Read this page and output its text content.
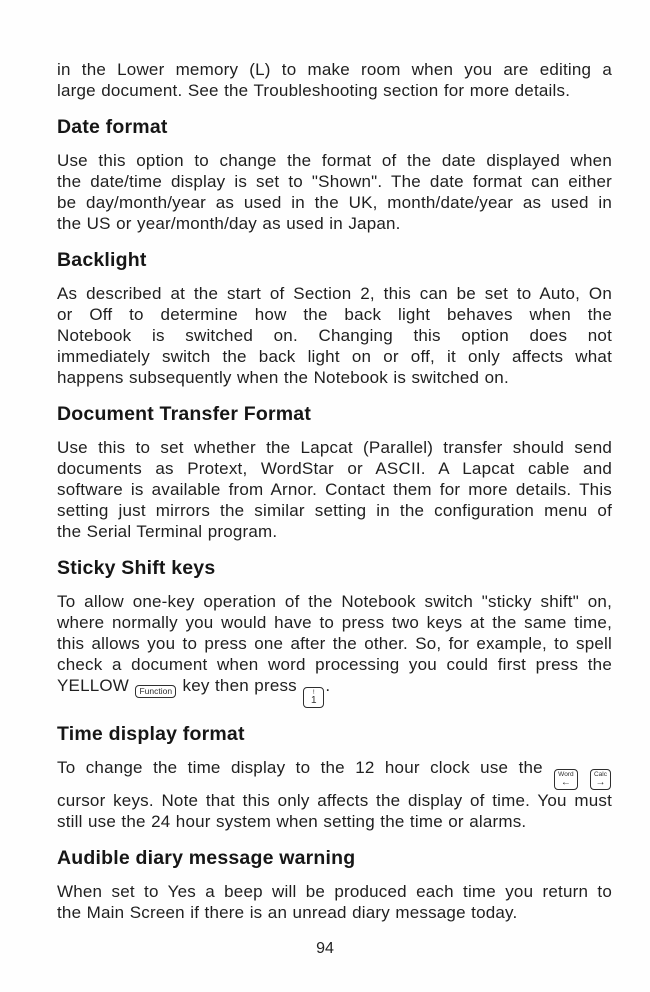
in the Lower memory (L) to make room when you are editing a
large document. See the Troubleshooting section for more details.

Date format

Use this option to change the format of the date displayed when
the date/time display is set to "Shown". The date format can either
be day/month/year as used in the UK, month/date/year as used in
the US or year/month/day as used in Japan.

Backlight

As described at the start of Section 2, this can be set to Auto, On
or Off to determine how the back light behaves when the
Notebook is switched on. Changing this option does not
immediately switch the back light on or off, it only affects what
happens subsequently when the Notebook is switched on.

Document Transfer Format

Use this to set whether the Lapcat (Parallel) transfer should send
documents as Protext, WordStar or ASCII. A Lapcat cable and
software is available from Arnor. Contact them for more details. This
setting just mirrors the similar setting in the configuration menu of
the Serial Terminal program.

Sticky Shift keys

To allow one-key operation of the Notebook switch "sticky shift" on,
where normally you would have to press two keys at the same time,
this allows you to press one after the other. So, for example, to spell
check a document when word processing you could first press the
YELLOW Function key then press !
1
.

Time display format

To change the time display to the 12 hour clock use the Word
←

Calc
→
cursor keys. Note that this only affects the display of time. You must
still use the 24 hour system when setting the time or alarms.

Audible diary message warning

When set to Yes a beep will be produced each time you return to
the Main Screen if there is an unread diary message today.

94
